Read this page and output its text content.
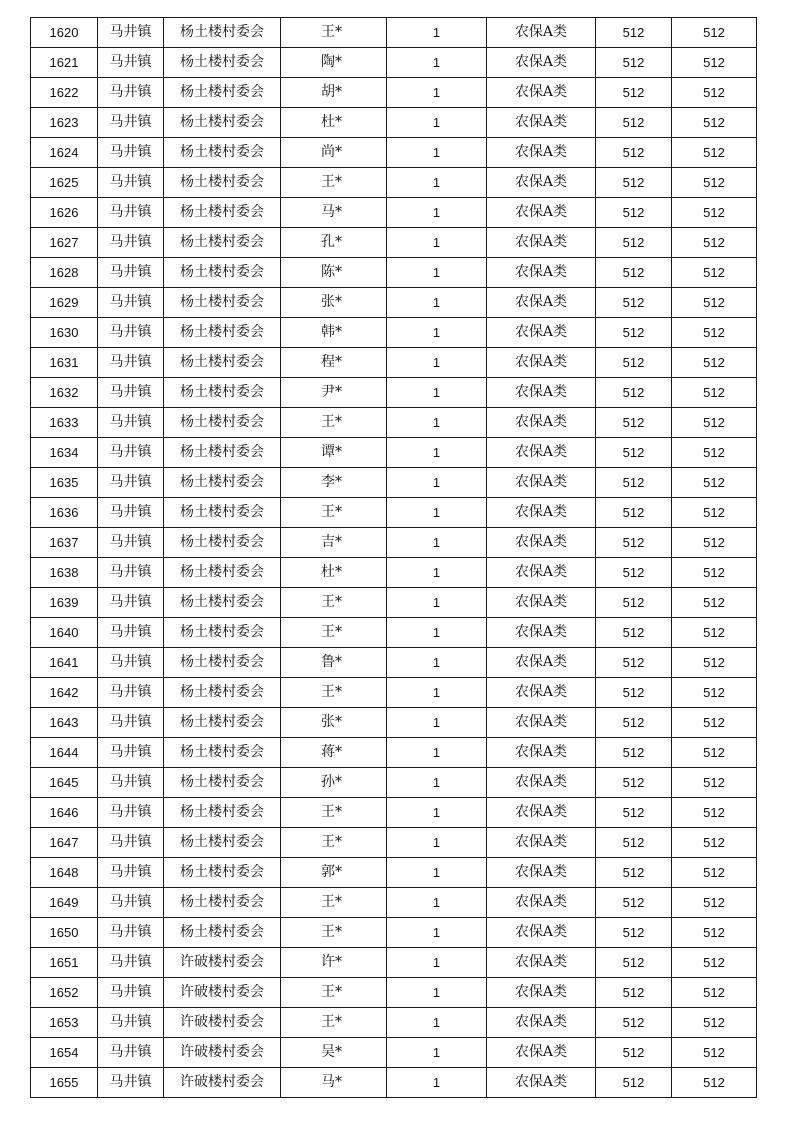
1620	马井镇	杨土楼村委会	王*	1	农保A类	512	512
1621	马井镇	杨土楼村委会	陶*	1	农保A类	512	512
1622	马井镇	杨土楼村委会	胡*	1	农保A类	512	512
1623	马井镇	杨土楼村委会	杜*	1	农保A类	512	512
1624	马井镇	杨土楼村委会	尚*	1	农保A类	512	512
1625	马井镇	杨土楼村委会	王*	1	农保A类	512	512
1626	马井镇	杨土楼村委会	马*	1	农保A类	512	512
1627	马井镇	杨土楼村委会	孔*	1	农保A类	512	512
1628	马井镇	杨土楼村委会	陈*	1	农保A类	512	512
1629	马井镇	杨土楼村委会	张*	1	农保A类	512	512
1630	马井镇	杨土楼村委会	韩*	1	农保A类	512	512
1631	马井镇	杨土楼村委会	程*	1	农保A类	512	512
1632	马井镇	杨土楼村委会	尹*	1	农保A类	512	512
1633	马井镇	杨土楼村委会	王*	1	农保A类	512	512
1634	马井镇	杨土楼村委会	谭*	1	农保A类	512	512
1635	马井镇	杨土楼村委会	李*	1	农保A类	512	512
1636	马井镇	杨土楼村委会	王*	1	农保A类	512	512
1637	马井镇	杨土楼村委会	吉*	1	农保A类	512	512
1638	马井镇	杨土楼村委会	杜*	1	农保A类	512	512
1639	马井镇	杨土楼村委会	王*	1	农保A类	512	512
1640	马井镇	杨土楼村委会	王*	1	农保A类	512	512
1641	马井镇	杨土楼村委会	鲁*	1	农保A类	512	512
1642	马井镇	杨土楼村委会	王*	1	农保A类	512	512
1643	马井镇	杨土楼村委会	张*	1	农保A类	512	512
1644	马井镇	杨土楼村委会	蒋*	1	农保A类	512	512
1645	马井镇	杨土楼村委会	孙*	1	农保A类	512	512
1646	马井镇	杨土楼村委会	王*	1	农保A类	512	512
1647	马井镇	杨土楼村委会	王*	1	农保A类	512	512
1648	马井镇	杨土楼村委会	郭*	1	农保A类	512	512
1649	马井镇	杨土楼村委会	王*	1	农保A类	512	512
1650	马井镇	杨土楼村委会	王*	1	农保A类	512	512
1651	马井镇	许破楼村委会	许*	1	农保A类	512	512
1652	马井镇	许破楼村委会	王*	1	农保A类	512	512
1653	马井镇	许破楼村委会	王*	1	农保A类	512	512
1654	马井镇	许破楼村委会	吴*	1	农保A类	512	512
1655	马井镇	许破楼村委会	马*	1	农保A类	512	512
